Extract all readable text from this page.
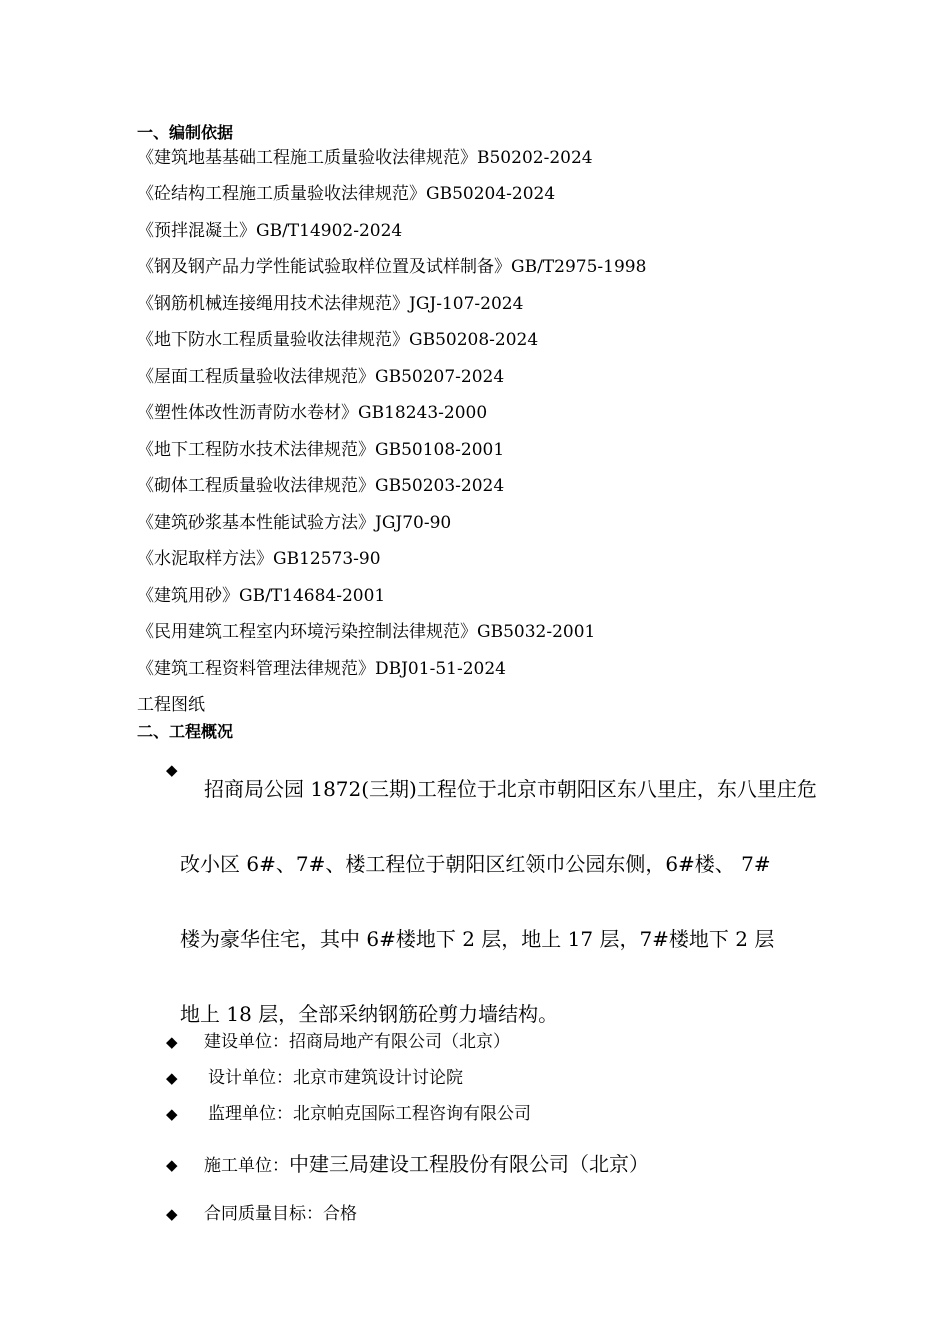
一、编制依据
《建筑地基基础工程施工质量验收法律规范》B50202-2024
《砼结构工程施工质量验收法律规范》GB50204-2024
《预拌混凝土》GB/T14902-2024
《钢及钢产品力学性能试验取样位置及试样制备》GB/T2975-1998
《钢筋机械连接绳用技术法律规范》JGJ-107-2024
《地下防水工程质量验收法律规范》GB50208-2024
《屋面工程质量验收法律规范》GB50207-2024
《塑性体改性沥青防水卷材》GB18243-2000
《地下工程防水技术法律规范》GB50108-2001
《砌体工程质量验收法律规范》GB50203-2024
《建筑砂浆基本性能试验方法》JGJ70-90
《水泥取样方法》GB12573-90
《建筑用砂》GB/T14684-2001
《民用建筑工程室内环境污染控制法律规范》GB5032-2001
《建筑工程资料管理法律规范》DBJ01-51-2024
工程图纸
二、工程概况
◆
招商局公园 1872(三期)工程位于北京市朝阳区东八里庄，东八里庄危
改小区 6#、7#、楼工程位于朝阳区红领巾公园东侧，6#楼、 7#
楼为豪华住宅，其中 6#楼地下 2 层，地上 17 层，7#楼地下 2 层
地上 18 层，全部采纳钢筋砼剪力墙结构。
◆ 建设单位：招商局地产有限公司（北京）
◆ 设计单位：北京市建筑设计讨论院
◆ 监理单位：北京帕克国际工程咨询有限公司
◆ 施工单位：中建三局建设工程股份有限公司（北京）
◆ 合同质量目标：合格
